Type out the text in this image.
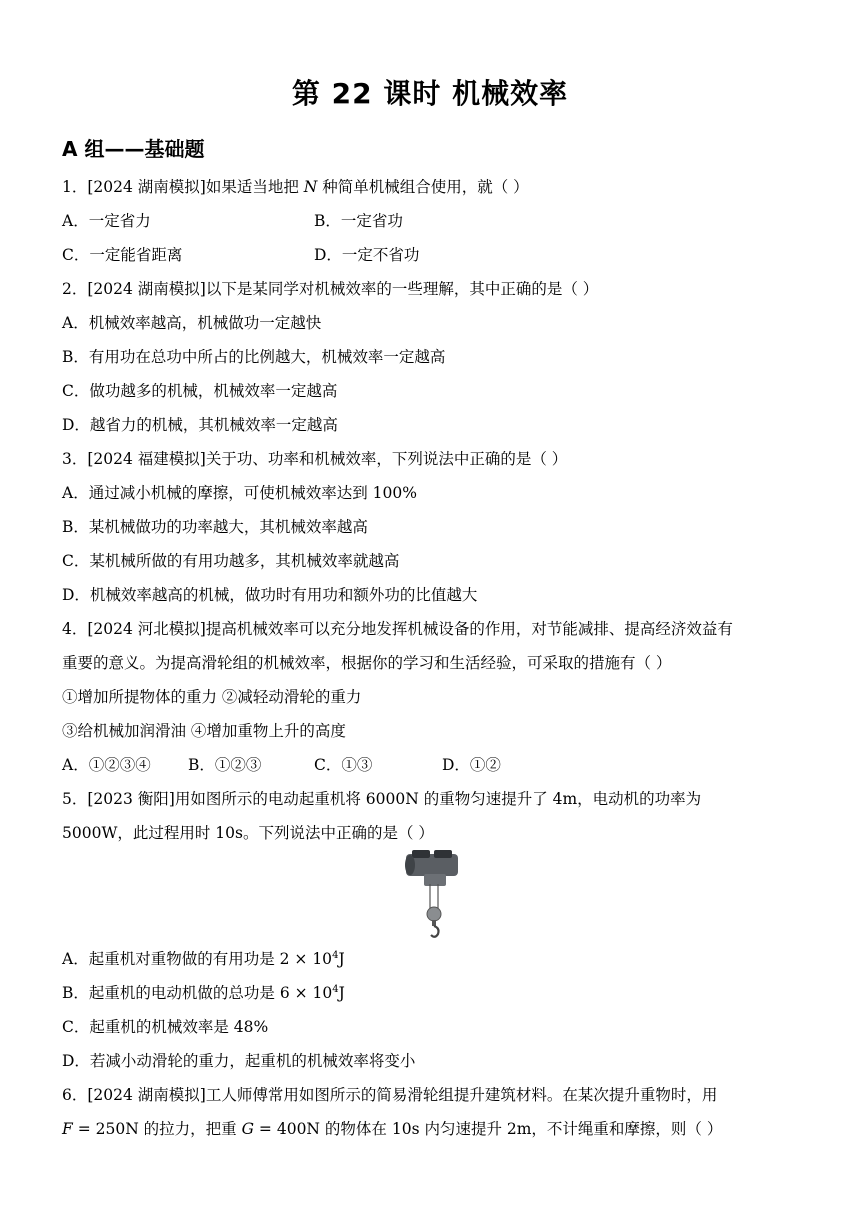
第 22 课时 机械效率
A 组——基础题
1．[2024 湖南模拟]如果适当地把 N 种简单机械组合使用，就（ ）
A．一定省力	B．一定省功
C．一定能省距离	D．一定不省功
2．[2024 湖南模拟]以下是某同学对机械效率的一些理解，其中正确的是（ ）
A．机械效率越高，机械做功一定越快
B．有用功在总功中所占的比例越大，机械效率一定越高
C．做功越多的机械，机械效率一定越高
D．越省力的机械，其机械效率一定越高
3．[2024 福建模拟]关于功、功率和机械效率，下列说法中正确的是（ ）
A．通过减小机械的摩擦，可使机械效率达到 100%
B．某机械做功的功率越大，其机械效率越高
C．某机械所做的有用功越多，其机械效率就越高
D．机械效率越高的机械，做功时有用功和额外功的比值越大
4．[2024 河北模拟]提高机械效率可以充分地发挥机械设备的作用，对节能减排、提高经济效益有
重要的意义。为提高滑轮组的机械效率，根据你的学习和生活经验，可采取的措施有（ ）
①增加所提物体的重力 ②减轻动滑轮的重力
③给机械加润滑油 ④增加重物上升的高度
A．①②③④ B．①②③	C．①③	D．①②
5．[2023 衡阳]用如图所示的电动起重机将 6000N 的重物匀速提升了 4m，电动机的功率为
5000W，此过程用时 10s。下列说法中正确的是（ ）
A．起重机对重物做的有用功是 $2 \times 10^4J$
B．起重机的电动机做的总功是 $6 \times 10^4J$
C．起重机的机械效率是 48%
D．若减小动滑轮的重力，起重机的机械效率将变小
6．[2024 湖南模拟]工人师傅常用如图所示的简易滑轮组提升建筑材料。在某次提升重物时，用
F = 250N 的拉力，把重 G = 400N 的物体在 10s 内匀速提升 2m，不计绳重和摩擦，则（ ）
